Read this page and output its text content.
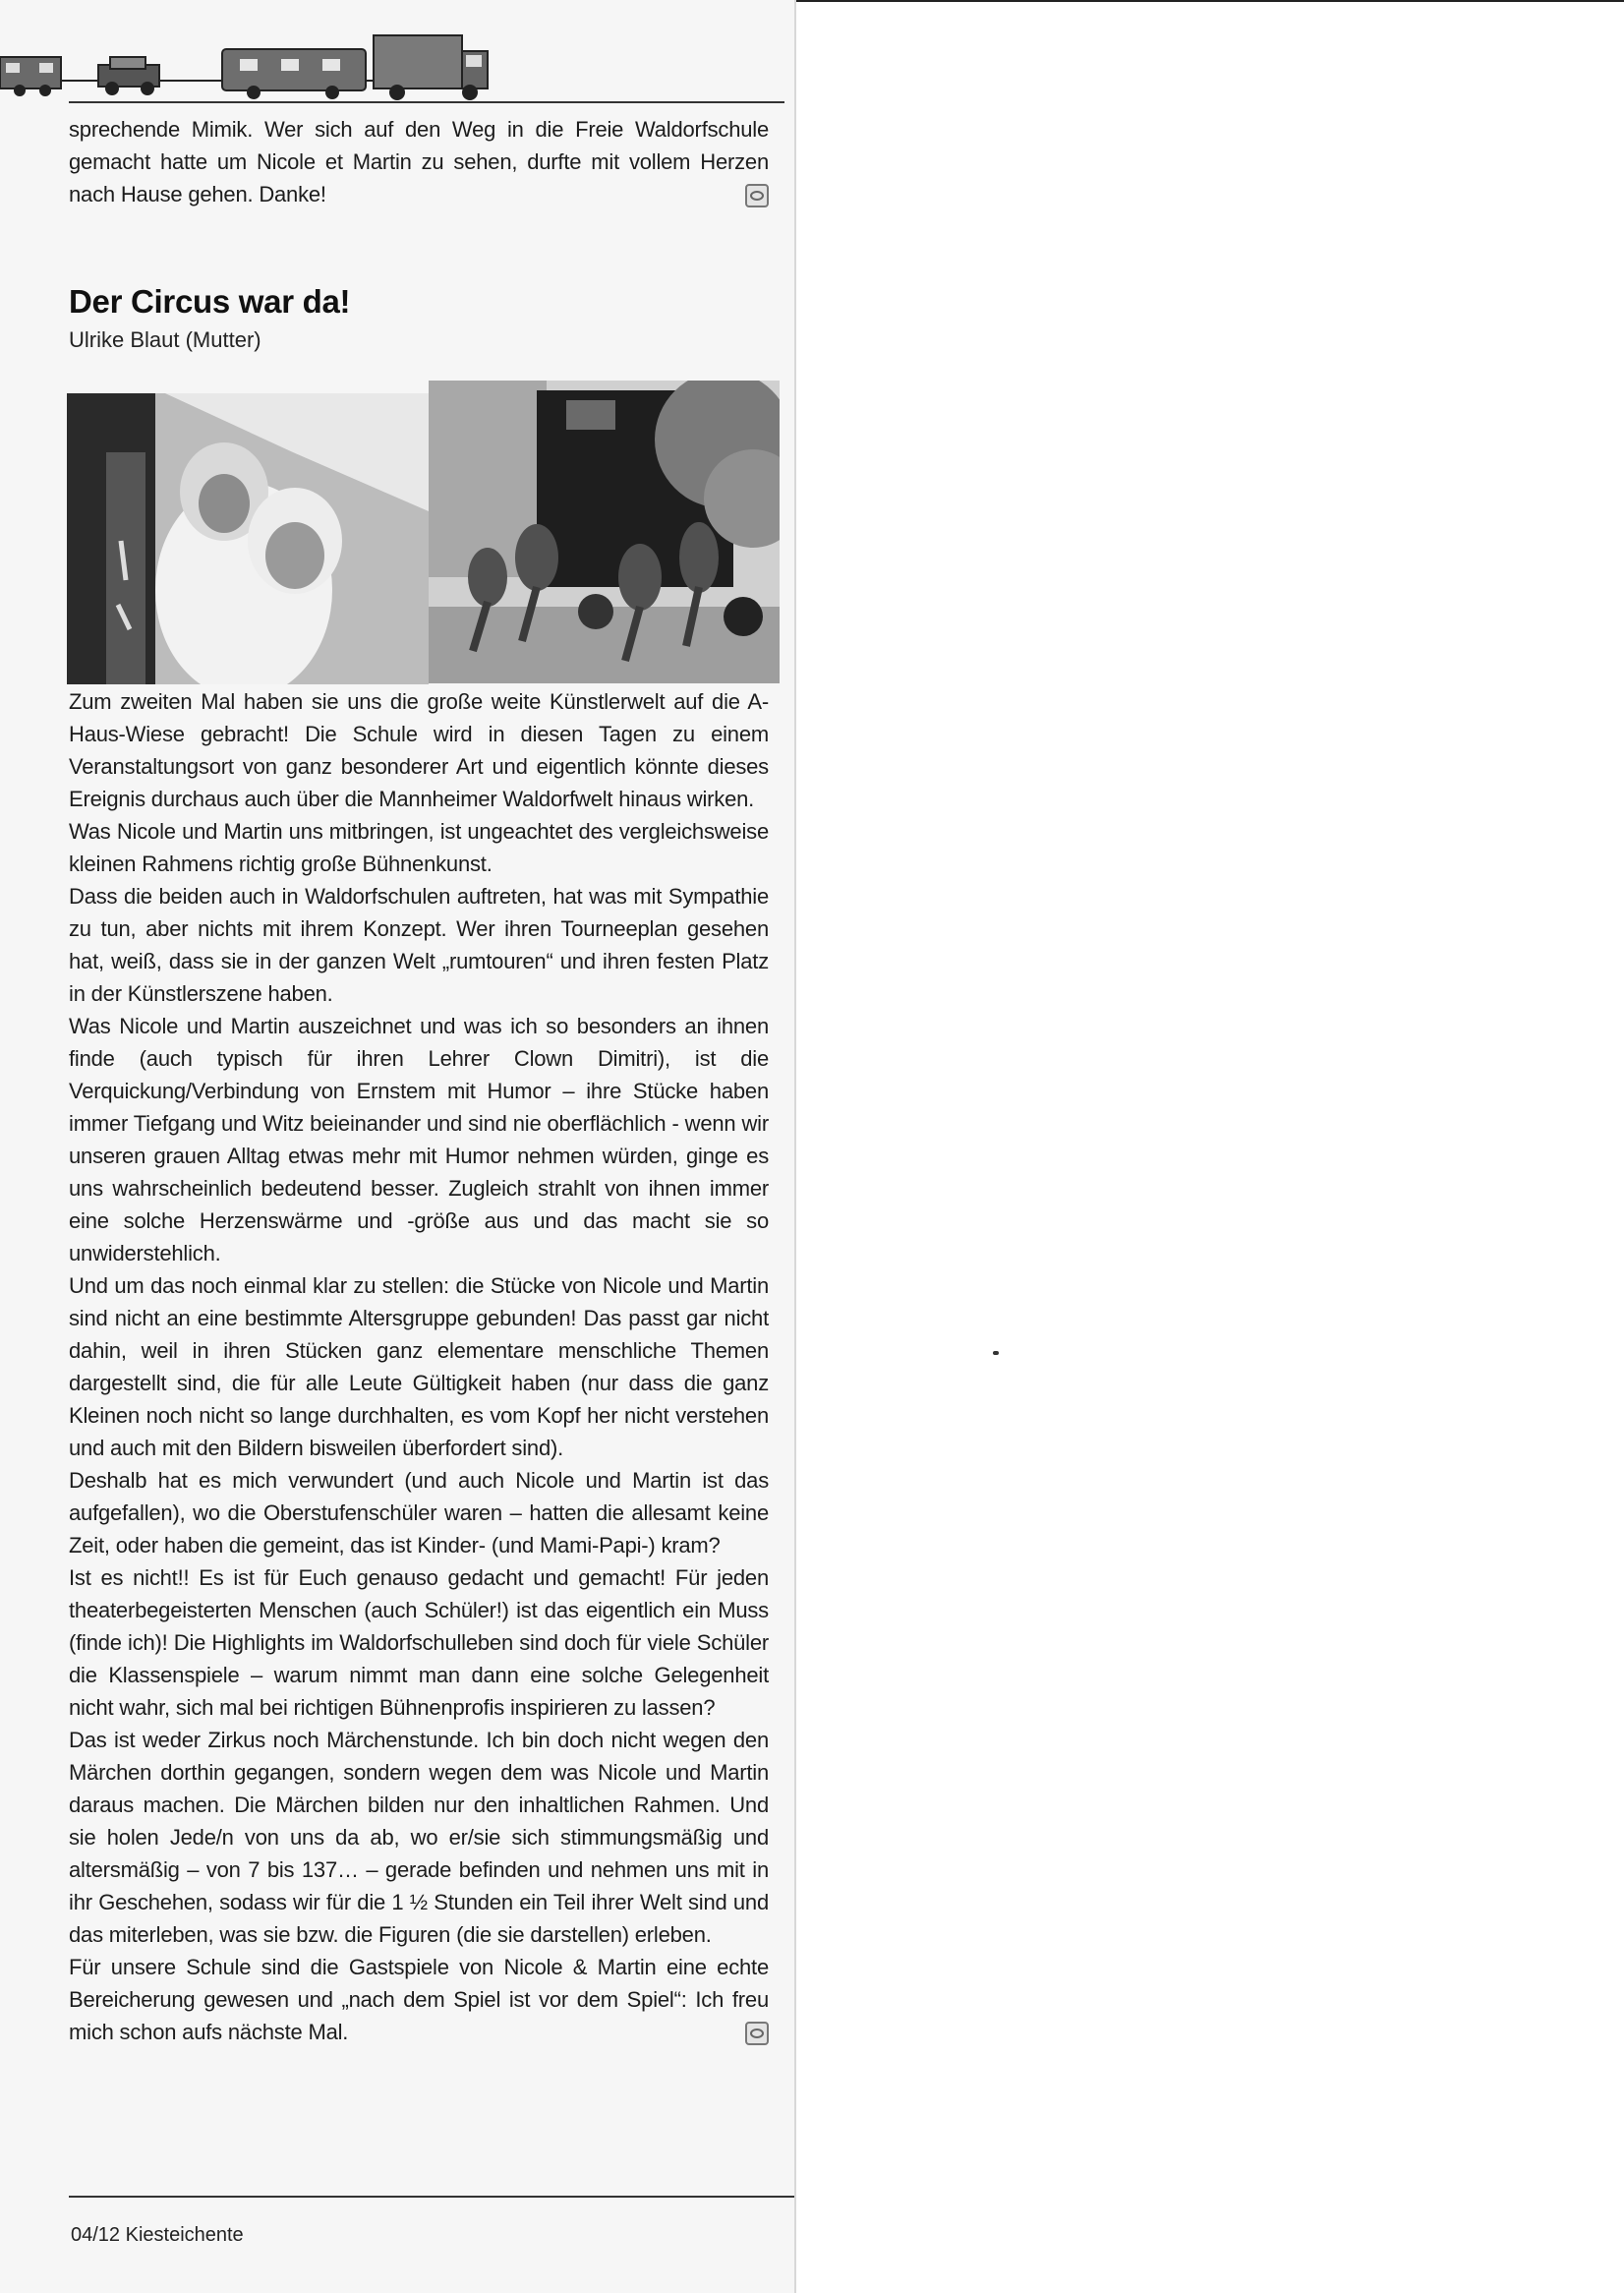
sprechende Mimik. Wer sich auf den Weg in die Freie Waldorfschule gemacht hatte um Nicole et Martin zu sehen, durfte mit vollem Herzen nach Hause gehen. Danke!

Der Circus war da!

Ulrike Blaut (Mutter)

Zum zweiten Mal haben sie uns die große weite Künstlerwelt auf die A-Haus-Wiese gebracht! Die Schule wird in diesen Tagen zu einem Veranstaltungsort von ganz besonderer Art und eigentlich könnte dieses Ereignis durchaus auch über die Mannheimer Waldorfwelt hinaus wirken.

Was Nicole und Martin uns mitbringen, ist ungeachtet des vergleichsweise kleinen Rahmens richtig große Bühnenkunst.

Dass die beiden auch in Waldorfschulen auftreten, hat was mit Sympathie zu tun, aber nichts mit ihrem Konzept. Wer ihren Tourneeplan gesehen hat, weiß, dass sie in der ganzen Welt „rumtouren“ und ihren festen Platz in der Künstlerszene haben.

Was Nicole und Martin auszeichnet und was ich so besonders an ihnen finde (auch typisch für ihren Lehrer Clown Dimitri), ist die Verquickung/Verbindung von Ernstem mit Humor – ihre Stücke haben immer Tiefgang und Witz beieinander und sind nie oberflächlich - wenn wir unseren grauen Alltag etwas mehr mit Humor nehmen würden, ginge es uns wahrscheinlich bedeutend besser. Zugleich strahlt von ihnen immer eine solche Herzenswärme und -größe aus und das macht sie so unwiderstehlich.

Und um das noch einmal klar zu stellen: die Stücke von Nicole und Martin sind nicht an eine bestimmte Altersgruppe gebunden! Das passt gar nicht dahin, weil in ihren Stücken ganz elementare menschliche Themen dargestellt sind, die für alle Leute Gültigkeit haben (nur dass die ganz Kleinen noch nicht so lange durchhalten, es vom Kopf her nicht verstehen und auch mit den Bildern bisweilen überfordert sind).

Deshalb hat es mich verwundert (und auch Nicole und Martin ist das aufgefallen), wo die Oberstufenschüler waren – hatten die allesamt keine Zeit, oder haben die gemeint, das ist Kinder- (und Mami-Papi-) kram?

Ist es nicht!! Es ist für Euch genauso gedacht und gemacht! Für jeden theaterbegeisterten Menschen (auch Schüler!) ist das eigentlich ein Muss (finde ich)! Die Highlights im Waldorfschulleben sind doch für viele Schüler die Klassenspiele – warum nimmt man dann eine solche Gelegenheit nicht wahr, sich mal bei richtigen Bühnenprofis inspirieren zu lassen?

Das ist weder Zirkus noch Märchenstunde. Ich bin doch nicht wegen den Märchen dorthin gegangen, sondern wegen dem was Nicole und Martin daraus machen. Die Märchen bilden nur den inhaltlichen Rahmen. Und sie holen Jede/n von uns da ab, wo er/sie sich stimmungsmäßig und altersmäßig – von 7 bis 137… – gerade befinden und nehmen uns mit in ihr Geschehen, sodass wir für die 1 ½ Stunden ein Teil ihrer Welt sind und das miterleben, was sie bzw. die Figuren (die sie darstellen) erleben.

Für unsere Schule sind die Gastspiele von Nicole & Martin eine echte Bereicherung gewesen und „nach dem Spiel ist vor dem Spiel“: Ich freu mich schon aufs nächste Mal.

04/12 Kiesteichente
